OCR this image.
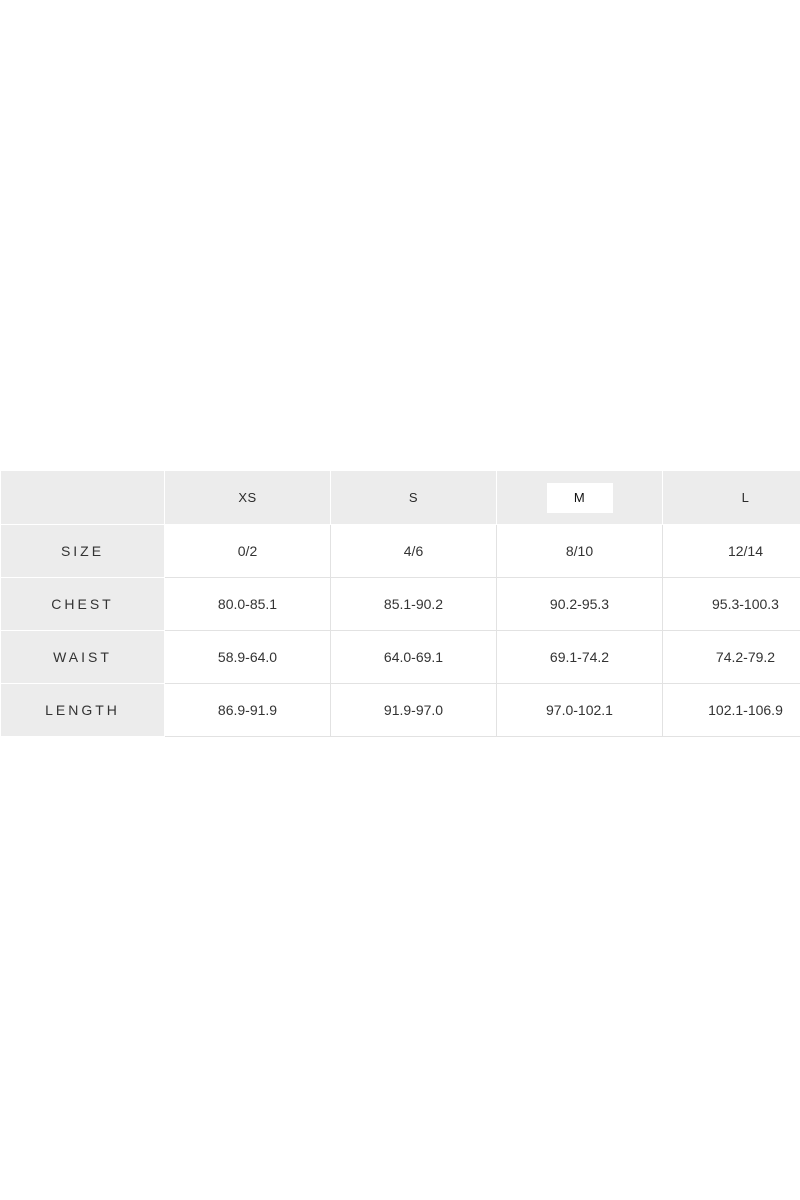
	XS	S	M	L
SIZE	0/2	4/6	8/10	12/14
CHEST	80.0-85.1	85.1-90.2	90.2-95.3	95.3-100.3
WAIST	58.9-64.0	64.0-69.1	69.1-74.2	74.2-79.2
LENGTH	86.9-91.9	91.9-97.0	97.0-102.1	102.1-106.9
